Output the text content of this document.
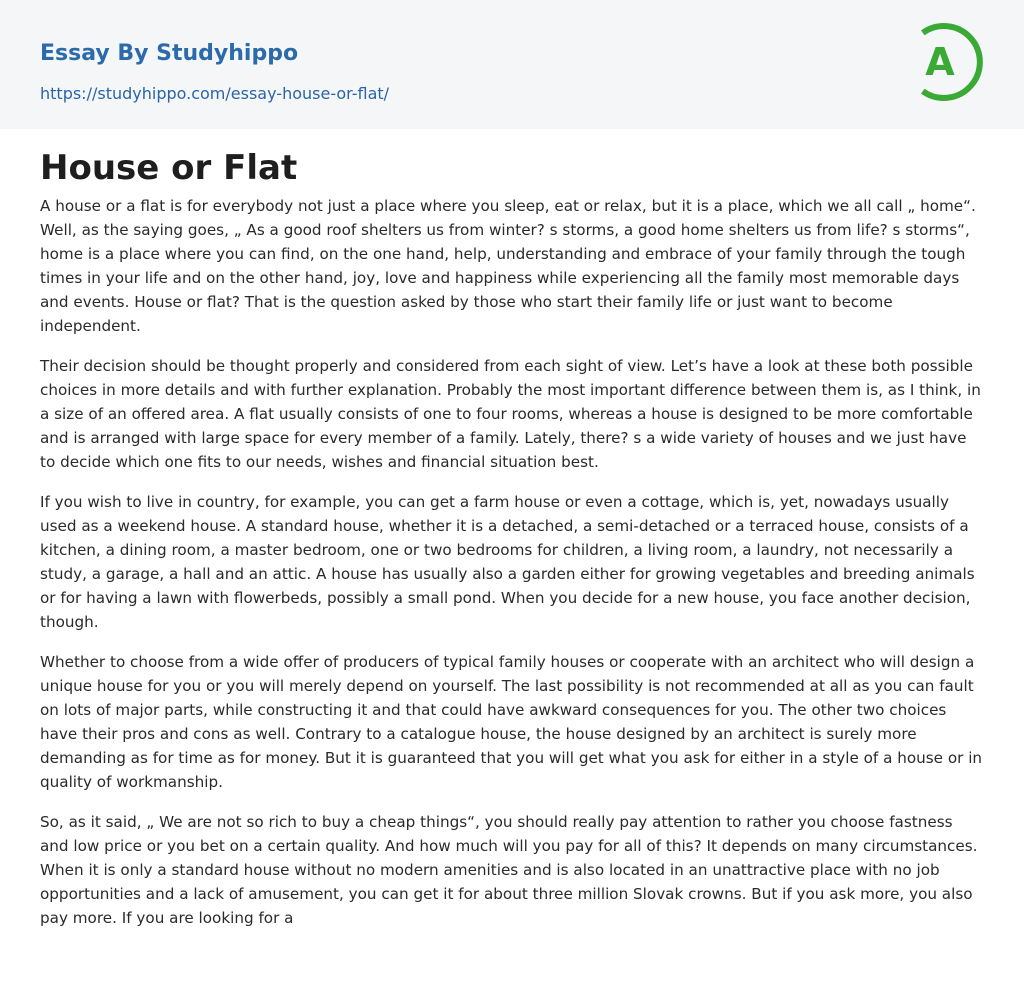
Essay By Studyhippo
https://studyhippo.com/essay-house-or-flat/
A
House or Flat

A house or a flat is for everybody not just a place where you sleep, eat or relax, but it is a place, which we all call „ home“. Well, as the saying goes, „ As a good roof shelters us from winter? s storms, a good home shelters us from life? s storms“, home is a place where you can find, on the one hand, help, understanding and embrace of your family through the tough times in your life and on the other hand, joy, love and happiness while experiencing all the family most memorable days and events. House or flat? That is the question asked by those who start their family life or just want to become independent.

Their decision should be thought properly and considered from each sight of view. Let’s have a look at these both possible choices in more details and with further explanation. Probably the most important difference between them is, as I think, in a size of an offered area. A flat usually consists of one to four rooms, whereas a house is designed to be more comfortable and is arranged with large space for every member of a family. Lately, there? s a wide variety of houses and we just have to decide which one fits to our needs, wishes and financial situation best.

If you wish to live in country, for example, you can get a farm house or even a cottage, which is, yet, nowadays usually used as a weekend house. A standard house, whether it is a detached, a semi-detached or a terraced house, consists of a kitchen, a dining room, a master bedroom, one or two bedrooms for children, a living room, a laundry, not necessarily a study, a garage, a hall and an attic. A house has usually also a garden either for growing vegetables and breeding animals or for having a lawn with flowerbeds, possibly a small pond. When you decide for a new house, you face another decision, though.

Whether to choose from a wide offer of producers of typical family houses or cooperate with an architect who will design a unique house for you or you will merely depend on yourself. The last possibility is not recommended at all as you can fault on lots of major parts, while constructing it and that could have awkward consequences for you. The other two choices have their pros and cons as well. Contrary to a catalogue house, the house designed by an architect is surely more demanding as for time as for money. But it is guaranteed that you will get what you ask for either in a style of a house or in quality of workmanship.

So, as it said, „ We are not so rich to buy a cheap things“, you should really pay attention to rather you choose fastness and low price or you bet on a certain quality. And how much will you pay for all of this? It depends on many circumstances. When it is only a standard house without no modern amenities and is also located in an unattractive place with no job opportunities and a lack of amusement, you can get it for about three million Slovak crowns. But if you ask more, you also pay more. If you are looking for a
